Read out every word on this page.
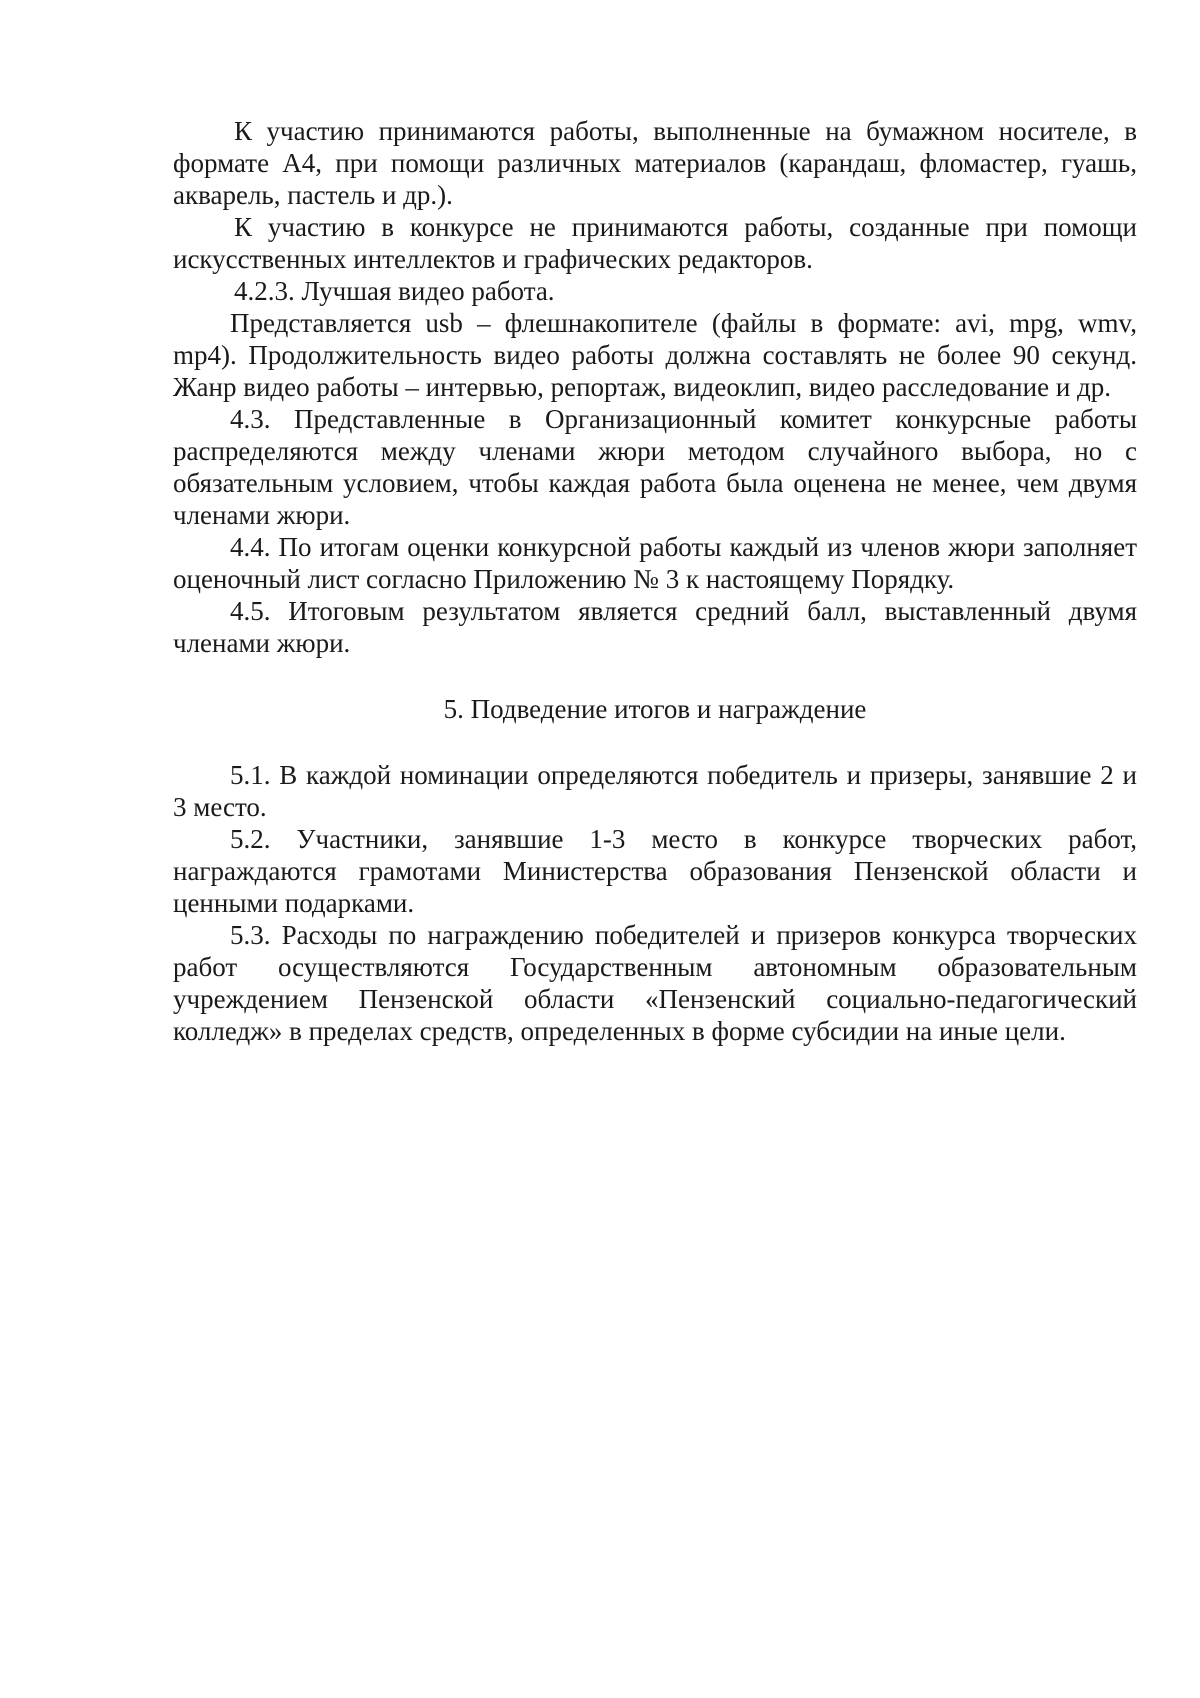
К участию принимаются работы, выполненные на бумажном носителе, в формате А4, при помощи различных материалов (карандаш, фломастер, гуашь, акварель, пастель и др.).

К участию в конкурсе не принимаются работы, созданные при помощи искусственных интеллектов и графических редакторов.

4.2.3. Лучшая видео работа.

Представляется usb – флешнакопителе (файлы в формате: avi, mpg, wmv, mp4). Продолжительность видео работы должна составлять не более 90 секунд. Жанр видео работы – интервью, репортаж, видеоклип, видео расследование и др.

4.3. Представленные в Организационный комитет конкурсные работы распределяются между членами жюри методом случайного выбора, но с обязательным условием, чтобы каждая работа была оценена не менее, чем двумя членами жюри.

4.4. По итогам оценки конкурсной работы каждый из членов жюри заполняет оценочный лист согласно Приложению № 3 к настоящему Порядку.

4.5. Итоговым результатом является средний балл, выставленный двумя членами жюри.

5. Подведение итогов и награждение

5.1. В каждой номинации определяются победитель и призеры, занявшие 2 и 3 место.

5.2. Участники, занявшие 1-3 место в конкурсе творческих работ, награждаются грамотами Министерства образования Пензенской области и ценными подарками.

5.3. Расходы по награждению победителей и призеров конкурса творческих работ осуществляются Государственным автономным образовательным учреждением Пензенской области «Пензенский социально-педагогический колледж» в пределах средств, определенных в форме субсидии на иные цели.
